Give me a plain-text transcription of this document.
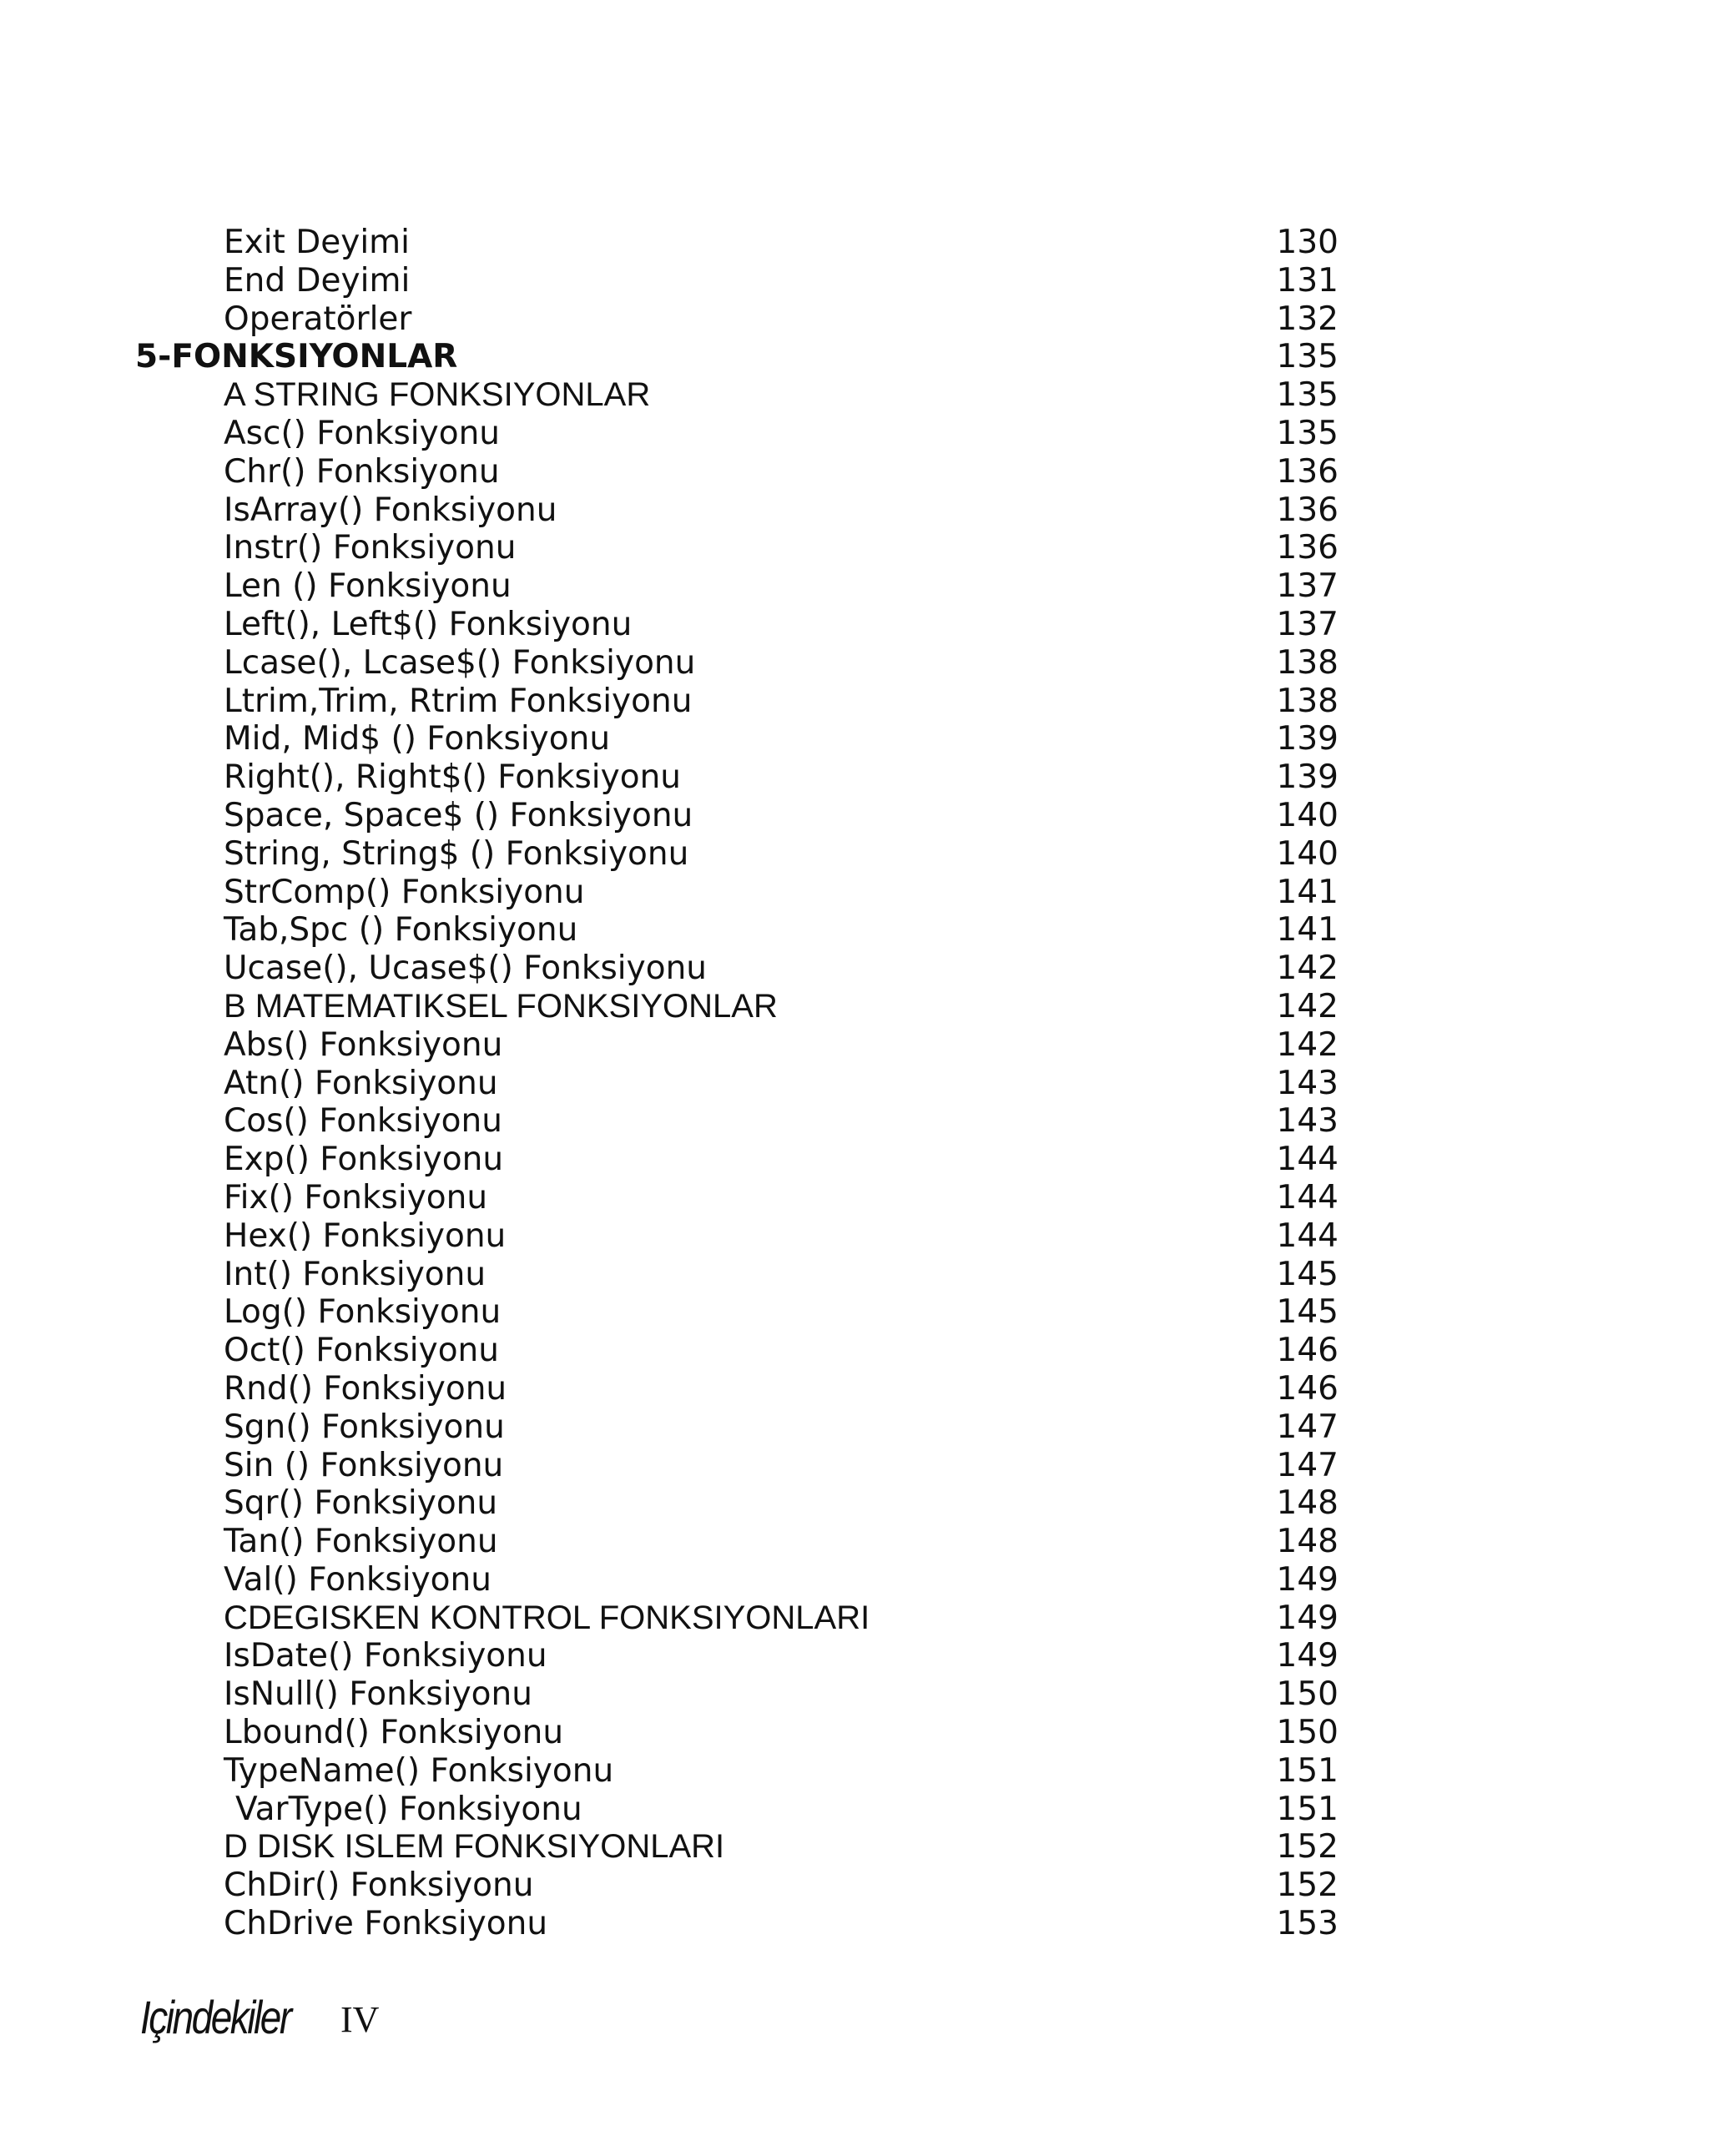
Exit Deyimi	130
End Deyimi	131
Operatörler	132
5-FONKSIYONLAR	135
A STRING FONKSIYONLAR	135
Asc() Fonksiyonu	135
Chr() Fonksiyonu	136
IsArray() Fonksiyonu	136
Instr() Fonksiyonu	136
Len () Fonksiyonu	137
Left(), Left$() Fonksiyonu	137
Lcase(), Lcase$() Fonksiyonu	138
Ltrim,Trim, Rtrim Fonksiyonu	138
Mid, Mid$ () Fonksiyonu	139
Right(), Right$() Fonksiyonu	139
Space, Space$ () Fonksiyonu	140
String, String$ () Fonksiyonu	140
StrComp() Fonksiyonu	141
Tab,Spc () Fonksiyonu	141
Ucase(), Ucase$() Fonksiyonu	142
B MATEMATIKSEL FONKSIYONLAR	142
Abs() Fonksiyonu	142
Atn() Fonksiyonu	143
Cos() Fonksiyonu	143
Exp() Fonksiyonu	144
Fix() Fonksiyonu	144
Hex() Fonksiyonu	144
Int() Fonksiyonu	145
Log() Fonksiyonu	145
Oct() Fonksiyonu	146
Rnd() Fonksiyonu	146
Sgn() Fonksiyonu	147
Sin () Fonksiyonu	147
Sqr() Fonksiyonu	148
Tan() Fonksiyonu	148
Val() Fonksiyonu	149
CDEGISKEN KONTROL FONKSIYONLARI	149
IsDate() Fonksiyonu	149
IsNull() Fonksiyonu	150
Lbound() Fonksiyonu	150
TypeName() Fonksiyonu	151
VarType() Fonksiyonu	151
D DISK ISLEM FONKSIYONLARI	152
ChDir() Fonksiyonu	152
ChDrive Fonksiyonu	153
Içindekiler IV
